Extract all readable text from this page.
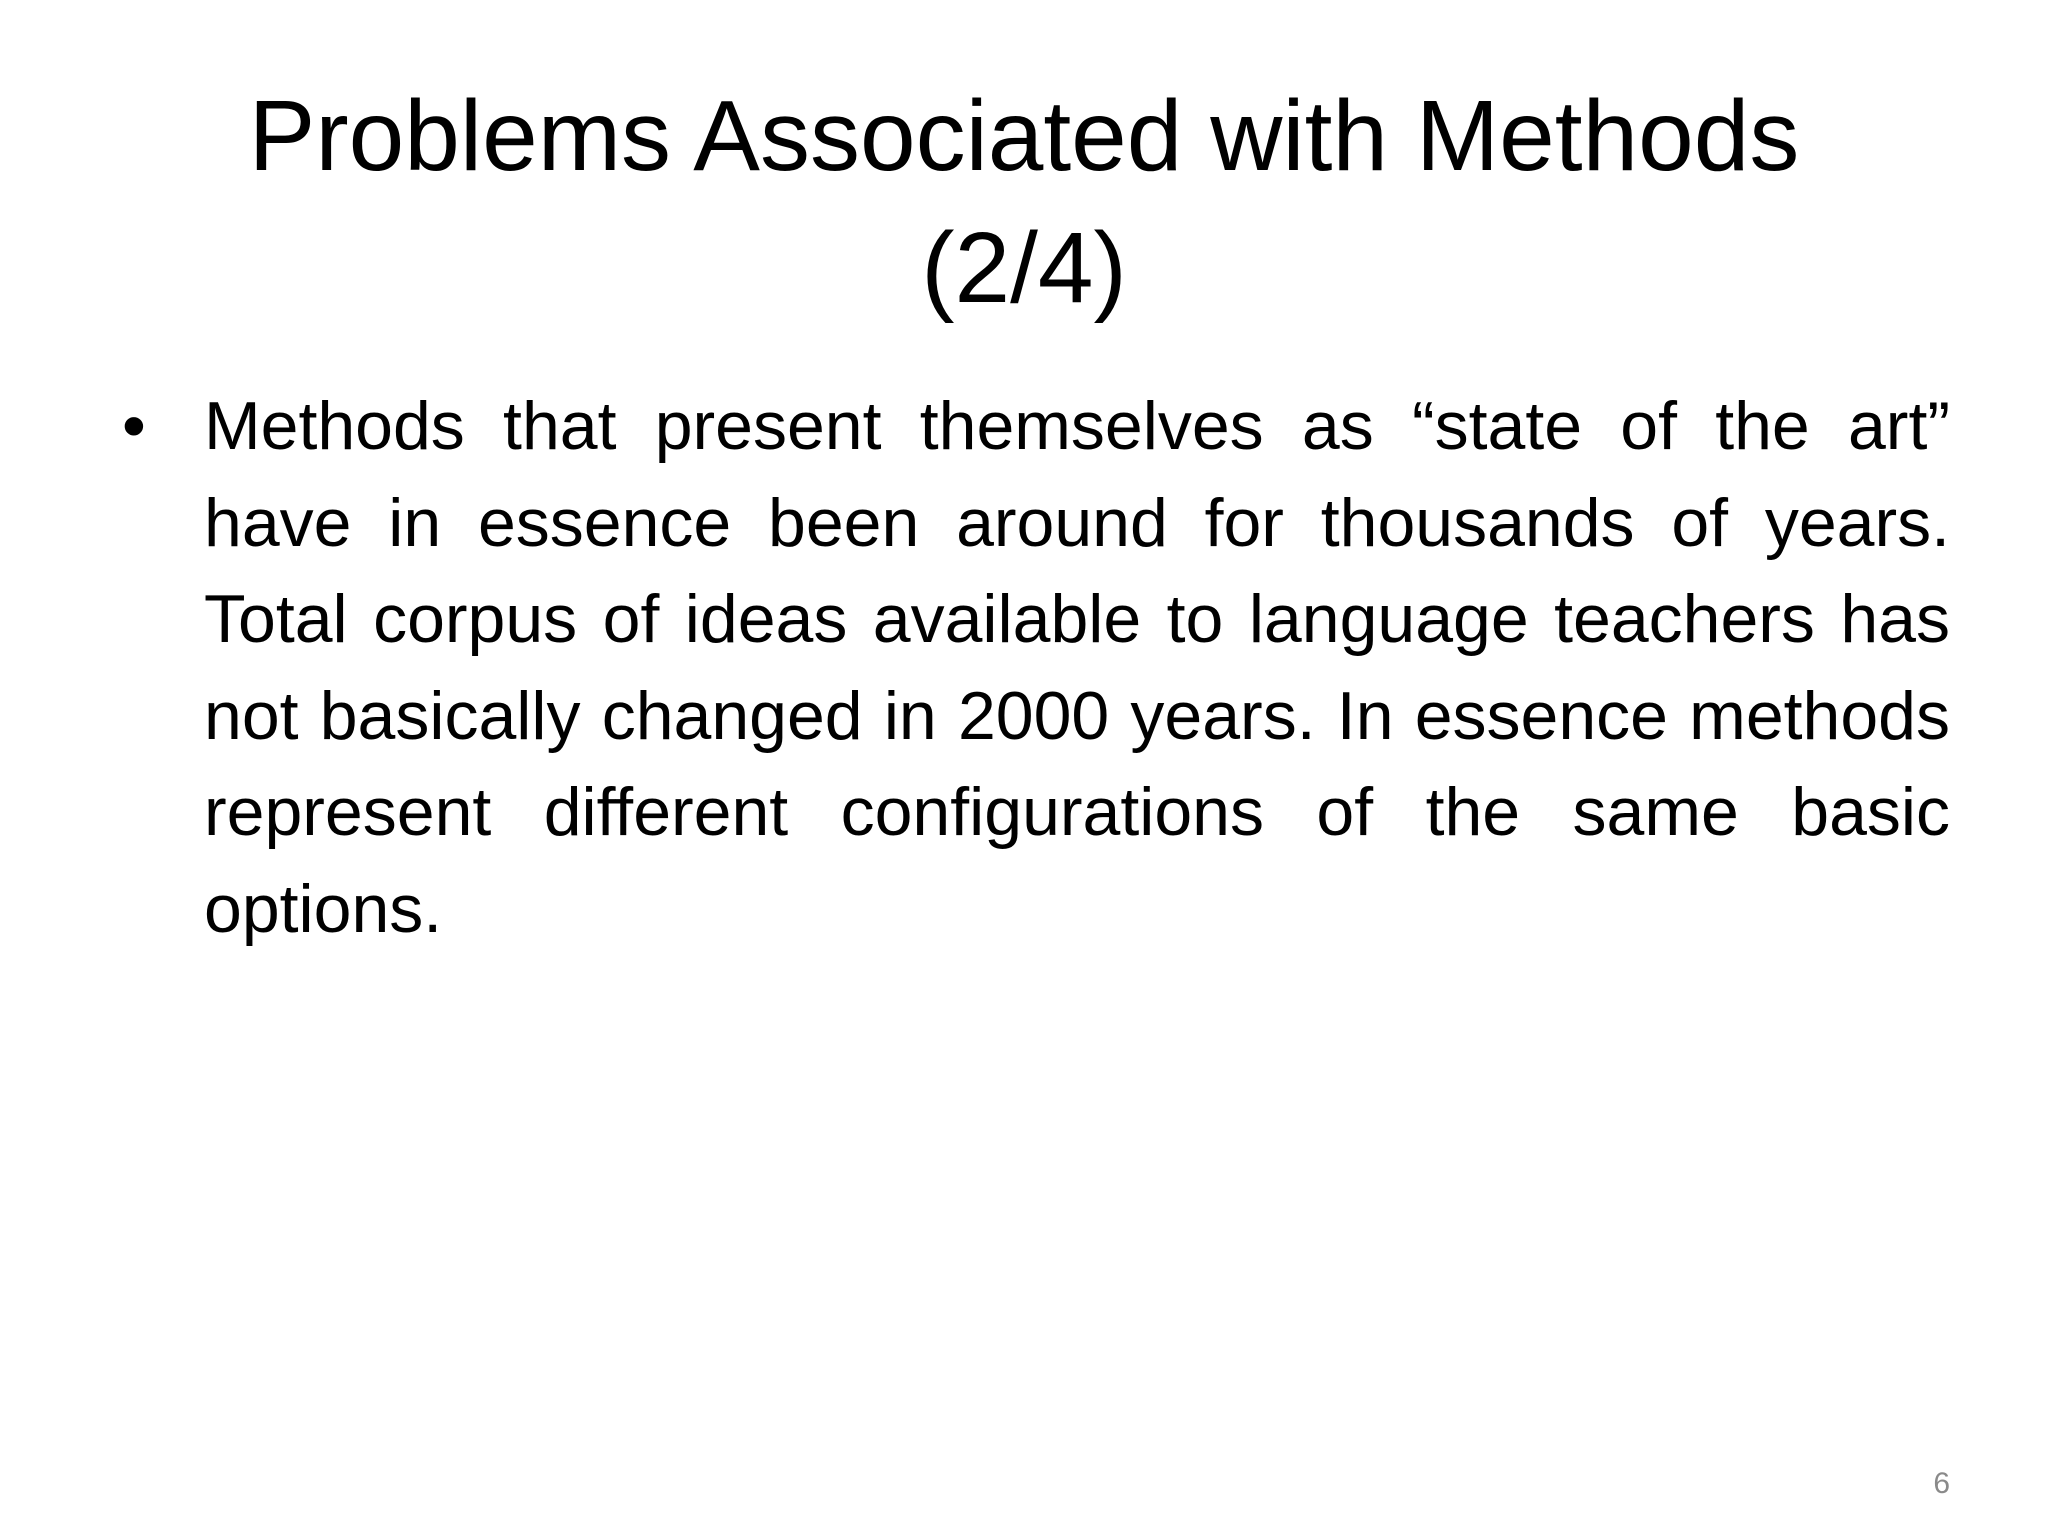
Problems Associated with Methods
(2/4)
• Methods that present themselves as “state of the art” have in essence been around for thousands of years. Total corpus of ideas available to language teachers has not basically changed in 2000 years. In essence methods represent different configurations of the same basic options.
6
